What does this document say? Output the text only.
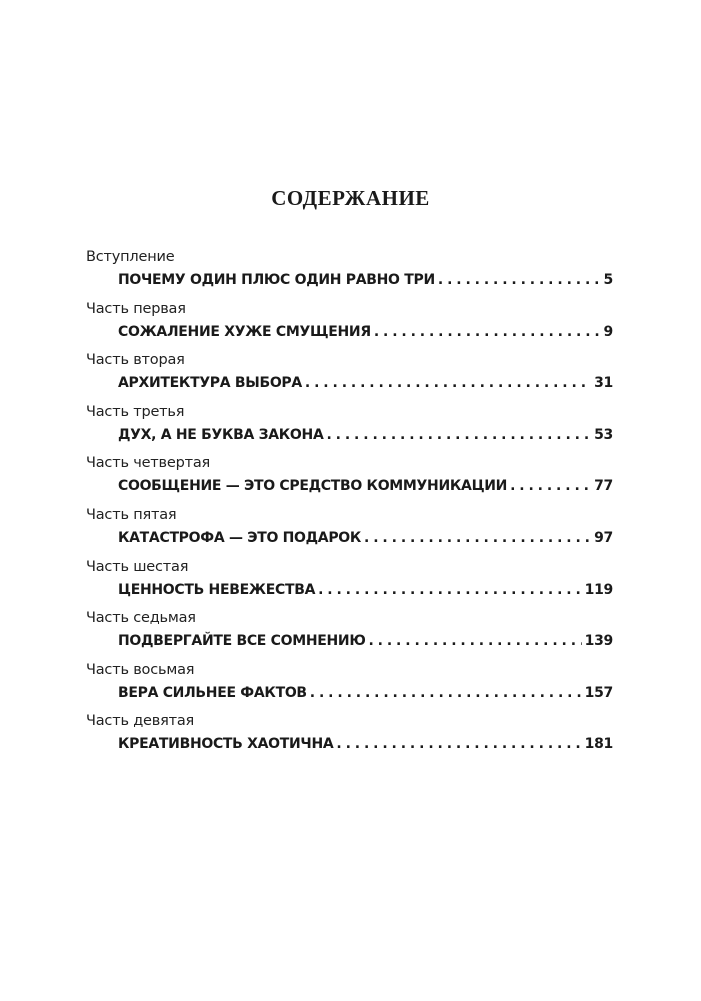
СОДЕРЖАНИЕ
Вступление
ПОЧЕМУ ОДИН ПЛЮС ОДИН РАВНО ТРИ . . .	5
Часть первая
СОЖАЛЕНИЕ ХУЖЕ СМУЩЕНИЯ . . .	9
Часть вторая
АРХИТЕКТУРА ВЫБОРА . . .	31
Часть третья
ДУХ, А НЕ БУКВА ЗАКОНА . . .	53
Часть четвертая
СООБЩЕНИЕ — ЭТО СРЕДСТВО КОММУНИКАЦИИ . . .	77
Часть пятая
КАТАСТРОФА — ЭТО ПОДАРОК . . .	97
Часть шестая
ЦЕННОСТЬ НЕВЕЖЕСТВА . . .	119
Часть седьмая
ПОДВЕРГАЙТЕ ВСЕ СОМНЕНИЮ . . .	139
Часть восьмая
ВЕРА СИЛЬНЕЕ ФАКТОВ . . .	157
Часть девятая
КРЕАТИВНОСТЬ ХАОТИЧНА . . .	181
